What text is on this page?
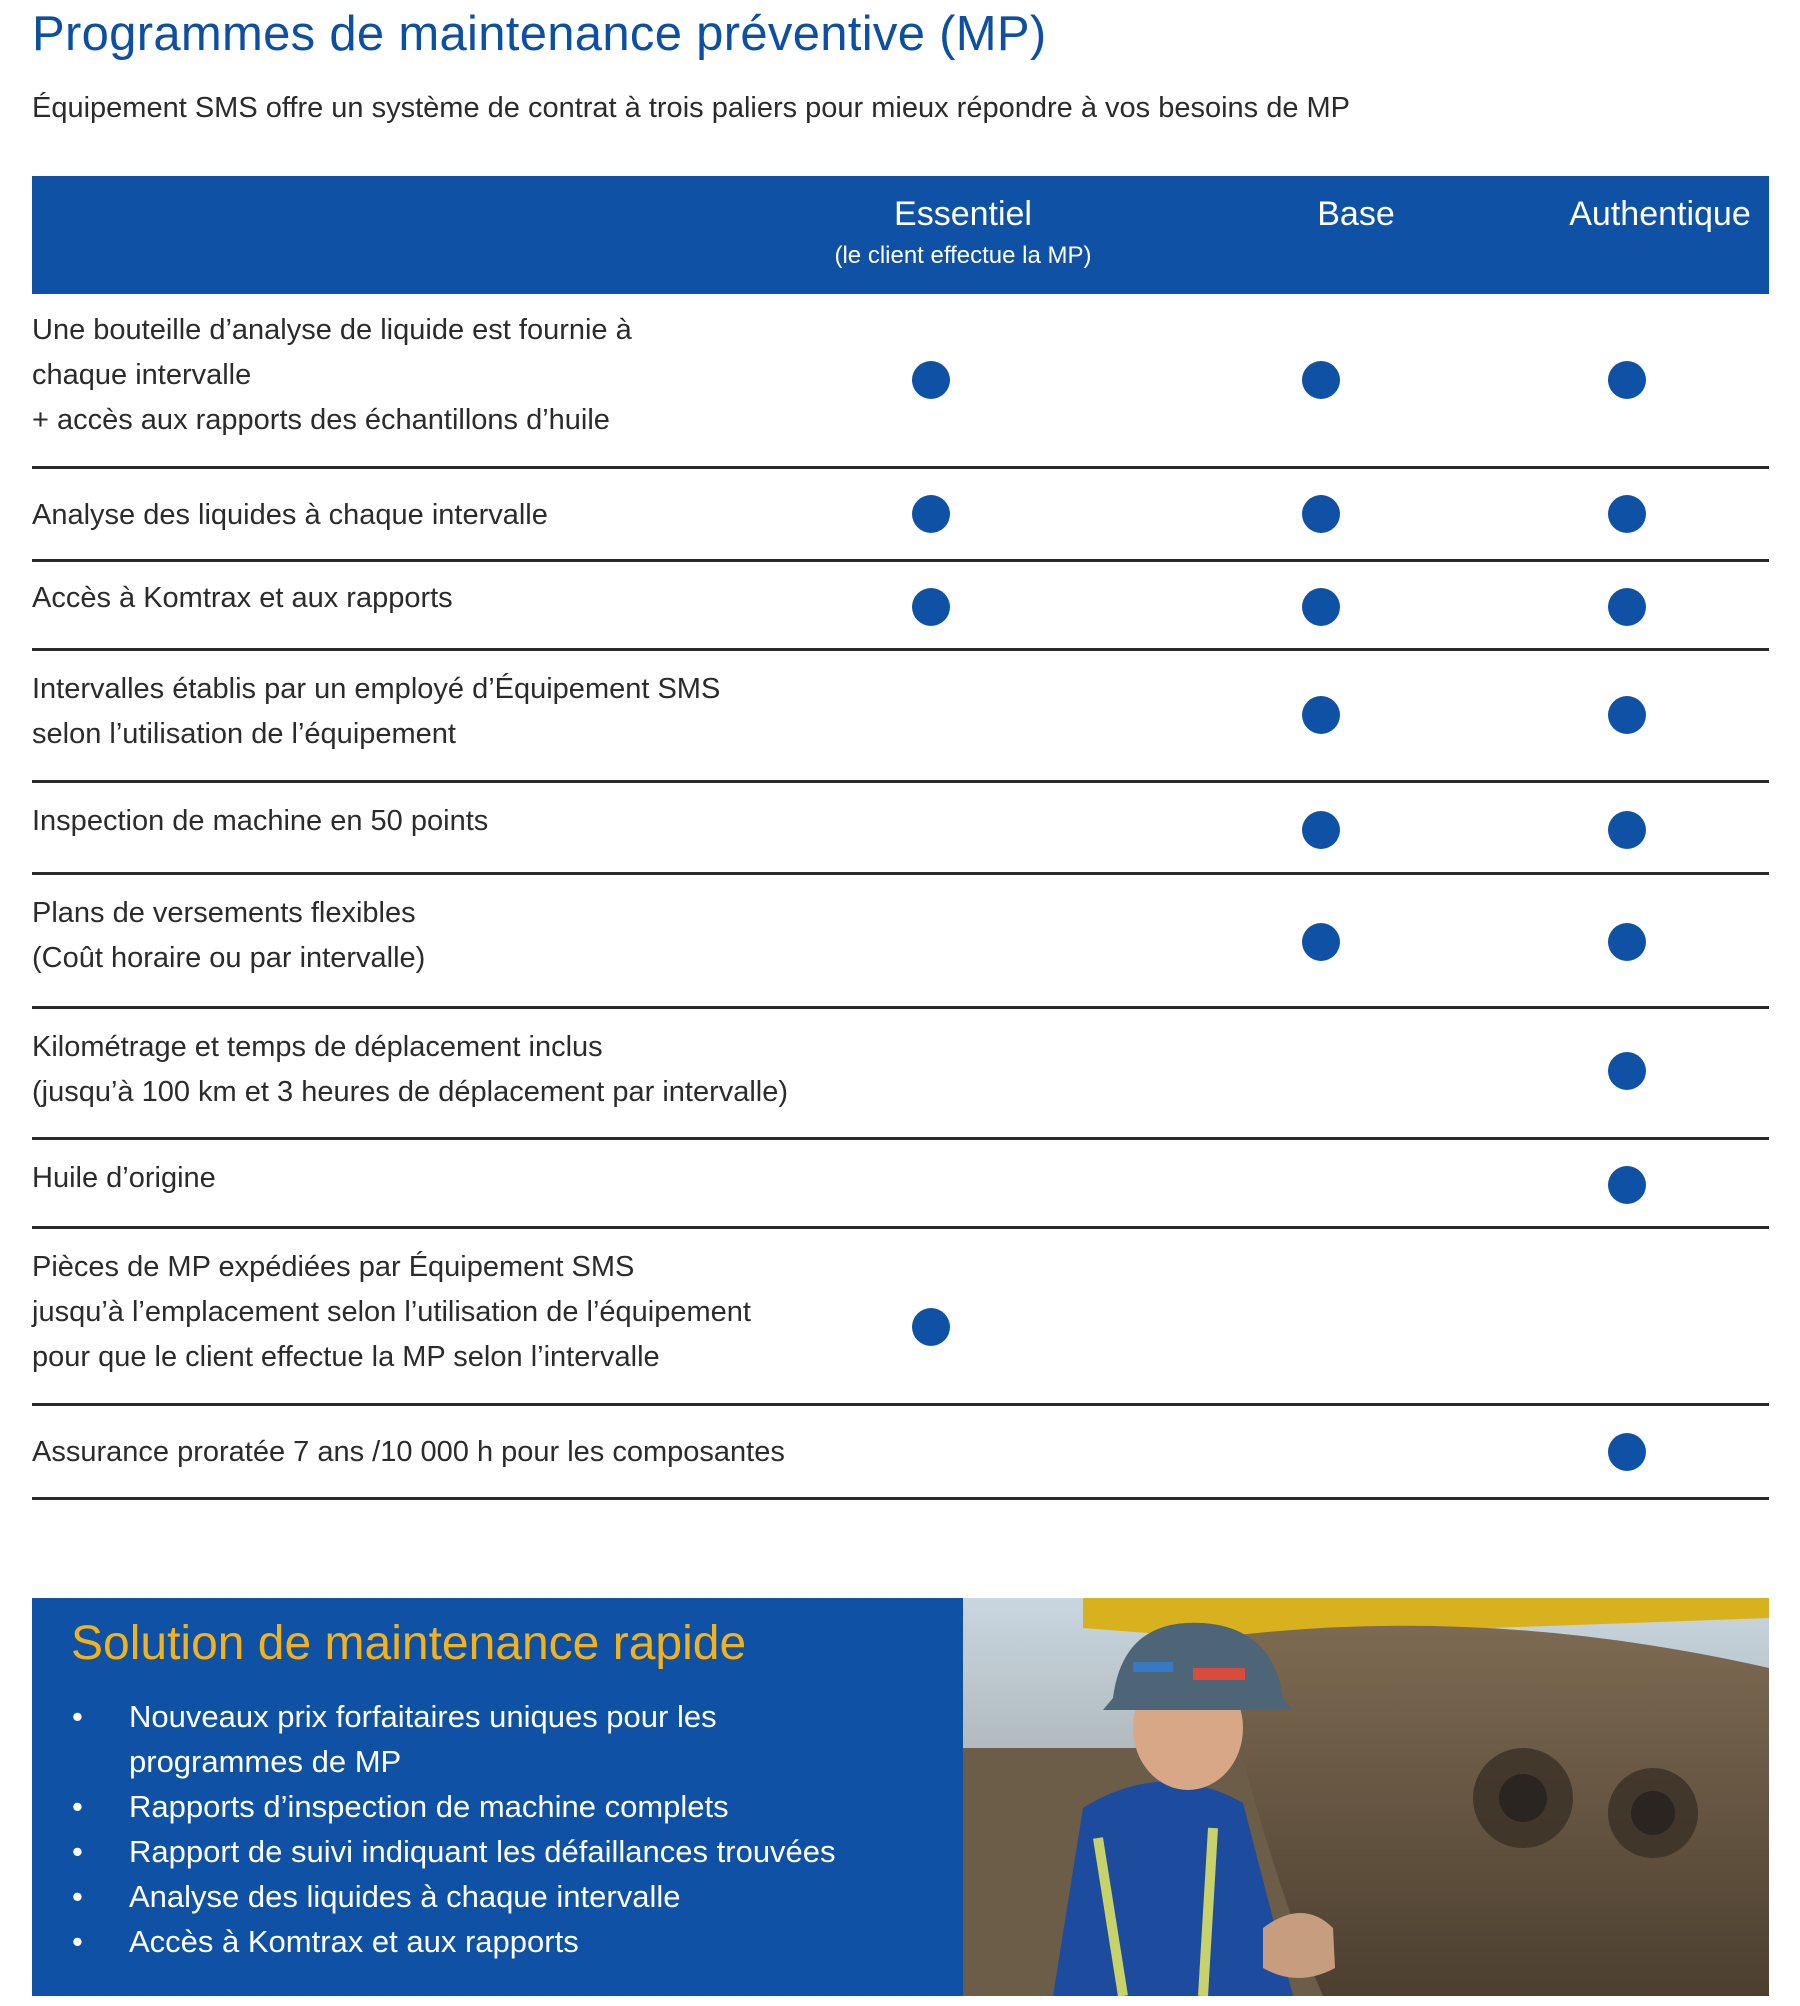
Programmes de maintenance préventive (MP)

Équipement SMS offre un système de contrat à trois paliers pour mieux répondre à vos besoins de MP

Essentiel
(le client effectue la MP)
Base	Authentique
Une bouteille d’analyse de liquide est fournie à
chaque intervalle
+ accès aux rapports des échantillons d’huile
Analyse des liquides à chaque intervalle
Accès à Komtrax et aux rapports
Intervalles établis par un employé d’Équipement SMS
selon l’utilisation de l’équipement
Inspection de machine en 50 points
Plans de versements flexibles
(Coût horaire ou par intervalle)
Kilométrage et temps de déplacement inclus
(jusqu’à 100 km et 3 heures de déplacement par intervalle)
Huile d’origine
Pièces de MP expédiées par Équipement SMS
jusqu’à l’emplacement selon l’utilisation de l’équipement
pour que le client effectue la MP selon l’intervalle
Assurance proratée 7 ans /10 000 h pour les composantes
Solution de maintenance rapide
• Nouveaux prix forfaitaires uniques pour les
programmes de MP
• Rapports d’inspection de machine complets
• Rapport de suivi indiquant les défaillances trouvées
• Analyse des liquides à chaque intervalle
• Accès à Komtrax et aux rapports
